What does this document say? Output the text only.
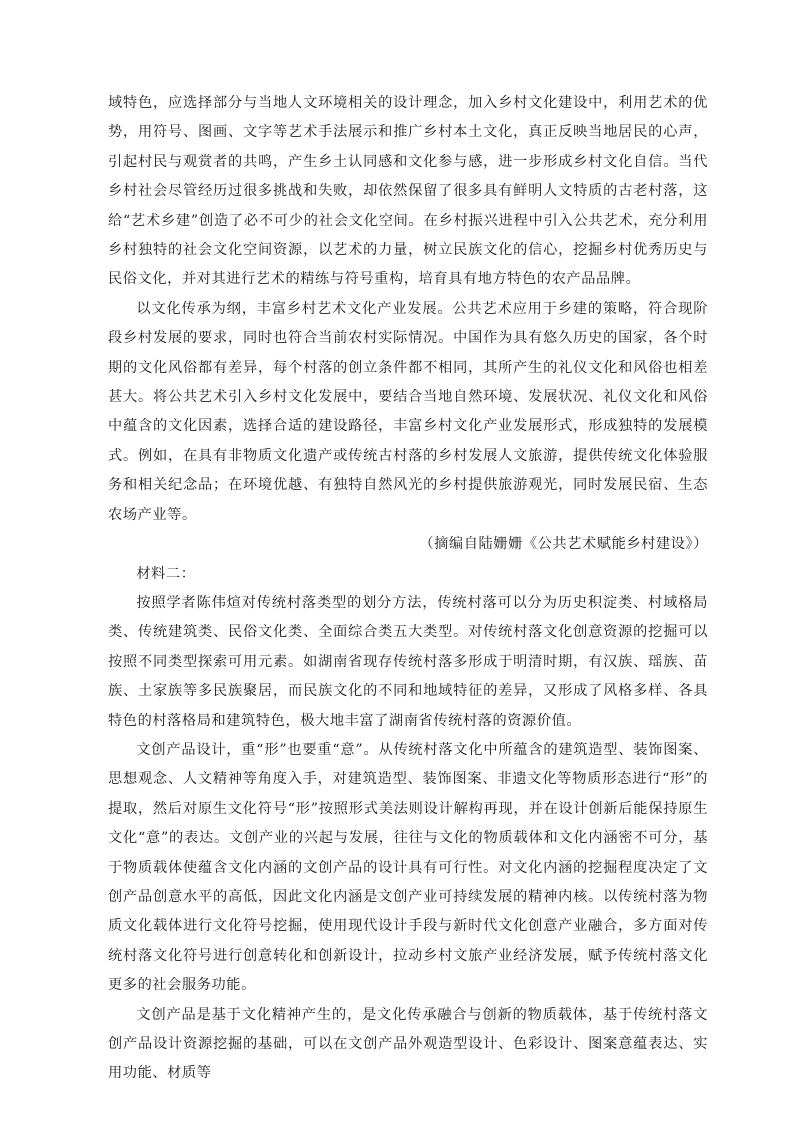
域特色，应选择部分与当地人文环境相关的设计理念，加入乡村文化建设中，利用艺术的优势，用符号、图画、文字等艺术手法展示和推广乡村本土文化，真正反映当地居民的心声，引起村民与观赏者的共鸣，产生乡土认同感和文化参与感，进一步形成乡村文化自信。当代乡村社会尽管经历过很多挑战和失败，却依然保留了很多具有鲜明人文特质的古老村落，这给“艺术乡建”创造了必不可少的社会文化空间。在乡村振兴进程中引入公共艺术，充分利用乡村独特的社会文化空间资源，以艺术的力量，树立民族文化的信心，挖掘乡村优秀历史与民俗文化，并对其进行艺术的精练与符号重构，培育具有地方特色的农产品品牌。

以文化传承为纲，丰富乡村艺术文化产业发展。公共艺术应用于乡建的策略，符合现阶段乡村发展的要求，同时也符合当前农村实际情况。中国作为具有悠久历史的国家，各个时期的文化风俗都有差异，每个村落的创立条件都不相同，其所产生的礼仪文化和风俗也相差甚大。将公共艺术引入乡村文化发展中，要结合当地自然环境、发展状况、礼仪文化和风俗中蕴含的文化因素，选择合适的建设路径，丰富乡村文化产业发展形式，形成独特的发展模式。例如，在具有非物质文化遗产或传统古村落的乡村发展人文旅游，提供传统文化体验服务和相关纪念品；在环境优越、有独特自然风光的乡村提供旅游观光，同时发展民宿、生态农场产业等。

（摘编自陆姗姗《公共艺术赋能乡村建设》）

材料二：

按照学者陈伟煊对传统村落类型的划分方法，传统村落可以分为历史积淀类、村域格局类、传统建筑类、民俗文化类、全面综合类五大类型。对传统村落文化创意资源的挖掘可以按照不同类型探索可用元素。如湖南省现存传统村落多形成于明清时期，有汉族、瑶族、苗族、土家族等多民族聚居，而民族文化的不同和地域特征的差异，又形成了风格多样、各具特色的村落格局和建筑特色，极大地丰富了湖南省传统村落的资源价值。

文创产品设计，重“形”也要重“意”。从传统村落文化中所蕴含的建筑造型、装饰图案、思想观念、人文精神等角度入手，对建筑造型、装饰图案、非遗文化等物质形态进行“形”的提取，然后对原生文化符号“形”按照形式美法则设计解构再现，并在设计创新后能保持原生文化“意”的表达。文创产业的兴起与发展，往往与文化的物质载体和文化内涵密不可分，基于物质载体使蕴含文化内涵的文创产品的设计具有可行性。对文化内涵的挖掘程度决定了文创产品创意水平的高低，因此文化内涵是文创产业可持续发展的精神内核。以传统村落为物质文化载体进行文化符号挖掘，使用现代设计手段与新时代文化创意产业融合，多方面对传统村落文化符号进行创意转化和创新设计，拉动乡村文旅产业经济发展，赋予传统村落文化更多的社会服务功能。

文创产品是基于文化精神产生的，是文化传承融合与创新的物质载体，基于传统村落文创产品设计资源挖掘的基础，可以在文创产品外观造型设计、色彩设计、图案意蕴表达、实用功能、材质等
